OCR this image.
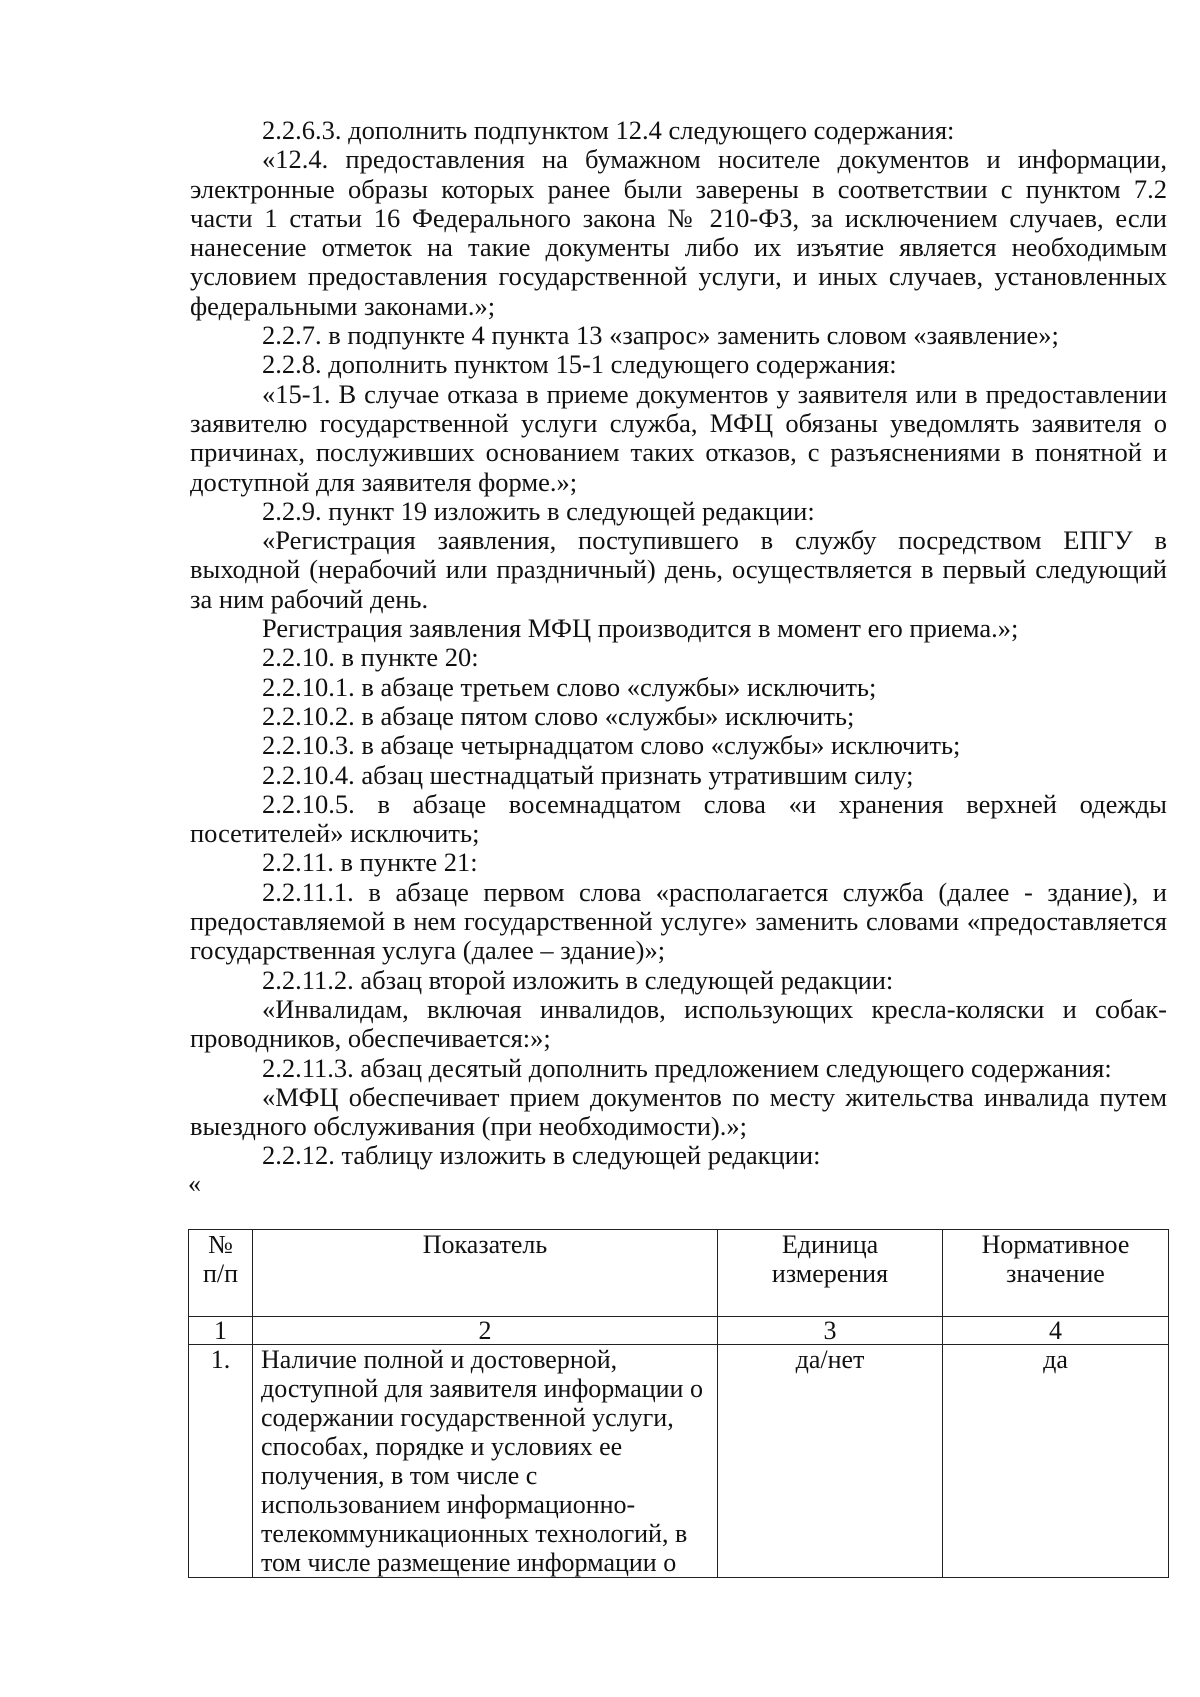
2.2.6.3. дополнить подпунктом 12.4 следующего содержания:

«12.4. предоставления на бумажном носителе документов и информации, электронные образы которых ранее были заверены в соответствии с пунктом 7.2 части 1 статьи 16 Федерального закона № 210-ФЗ, за исключением случаев, если нанесение отметок на такие документы либо их изъятие является необходимым условием предоставления государственной услуги, и иных случаев, установленных федеральными законами.»;

2.2.7. в подпункте 4 пункта 13 «запрос» заменить словом «заявление»;

2.2.8. дополнить пунктом 15-1 следующего содержания:

«15-1. В случае отказа в приеме документов у заявителя или в предоставлении заявителю государственной услуги служба, МФЦ обязаны уведомлять заявителя о причинах, послуживших основанием таких отказов, с разъяснениями в понятной и доступной для заявителя форме.»;

2.2.9. пункт 19 изложить в следующей редакции:

«Регистрация заявления, поступившего в службу посредством ЕПГУ в выходной (нерабочий или праздничный) день, осуществляется в первый следующий за ним рабочий день.

Регистрация заявления МФЦ производится в момент его приема.»;

2.2.10. в пункте 20:

2.2.10.1. в абзаце третьем слово «службы» исключить;

2.2.10.2. в абзаце пятом слово «службы» исключить;

2.2.10.3. в абзаце четырнадцатом слово «службы» исключить;

2.2.10.4. абзац шестнадцатый признать утратившим силу;

2.2.10.5. в абзаце восемнадцатом слова «и хранения верхней одежды посетителей» исключить;

2.2.11. в пункте 21:

2.2.11.1. в абзаце первом слова «располагается служба (далее - здание), и предоставляемой в нем государственной услуге» заменить словами «предоставляется государственная услуга (далее – здание)»;

2.2.11.2. абзац второй изложить в следующей редакции:

«Инвалидам, включая инвалидов, использующих кресла-коляски и собак-проводников, обеспечивается:»;

2.2.11.3. абзац десятый дополнить предложением следующего содержания:

«МФЦ обеспечивает прием документов по месту жительства инвалида путем выездного обслуживания (при необходимости).»;

2.2.12. таблицу изложить в следующей редакции:

«

№ п/п	Показатель	Единица измерения	Нормативное значение
1	2	3	4
1.	Наличие полной и достоверной, доступной для заявителя информации о содержании государственной услуги, способах, порядке и условиях ее получения, в том числе с использованием информационно-телекоммуникационных технологий, в том числе размещение информации о	да/нет	да
